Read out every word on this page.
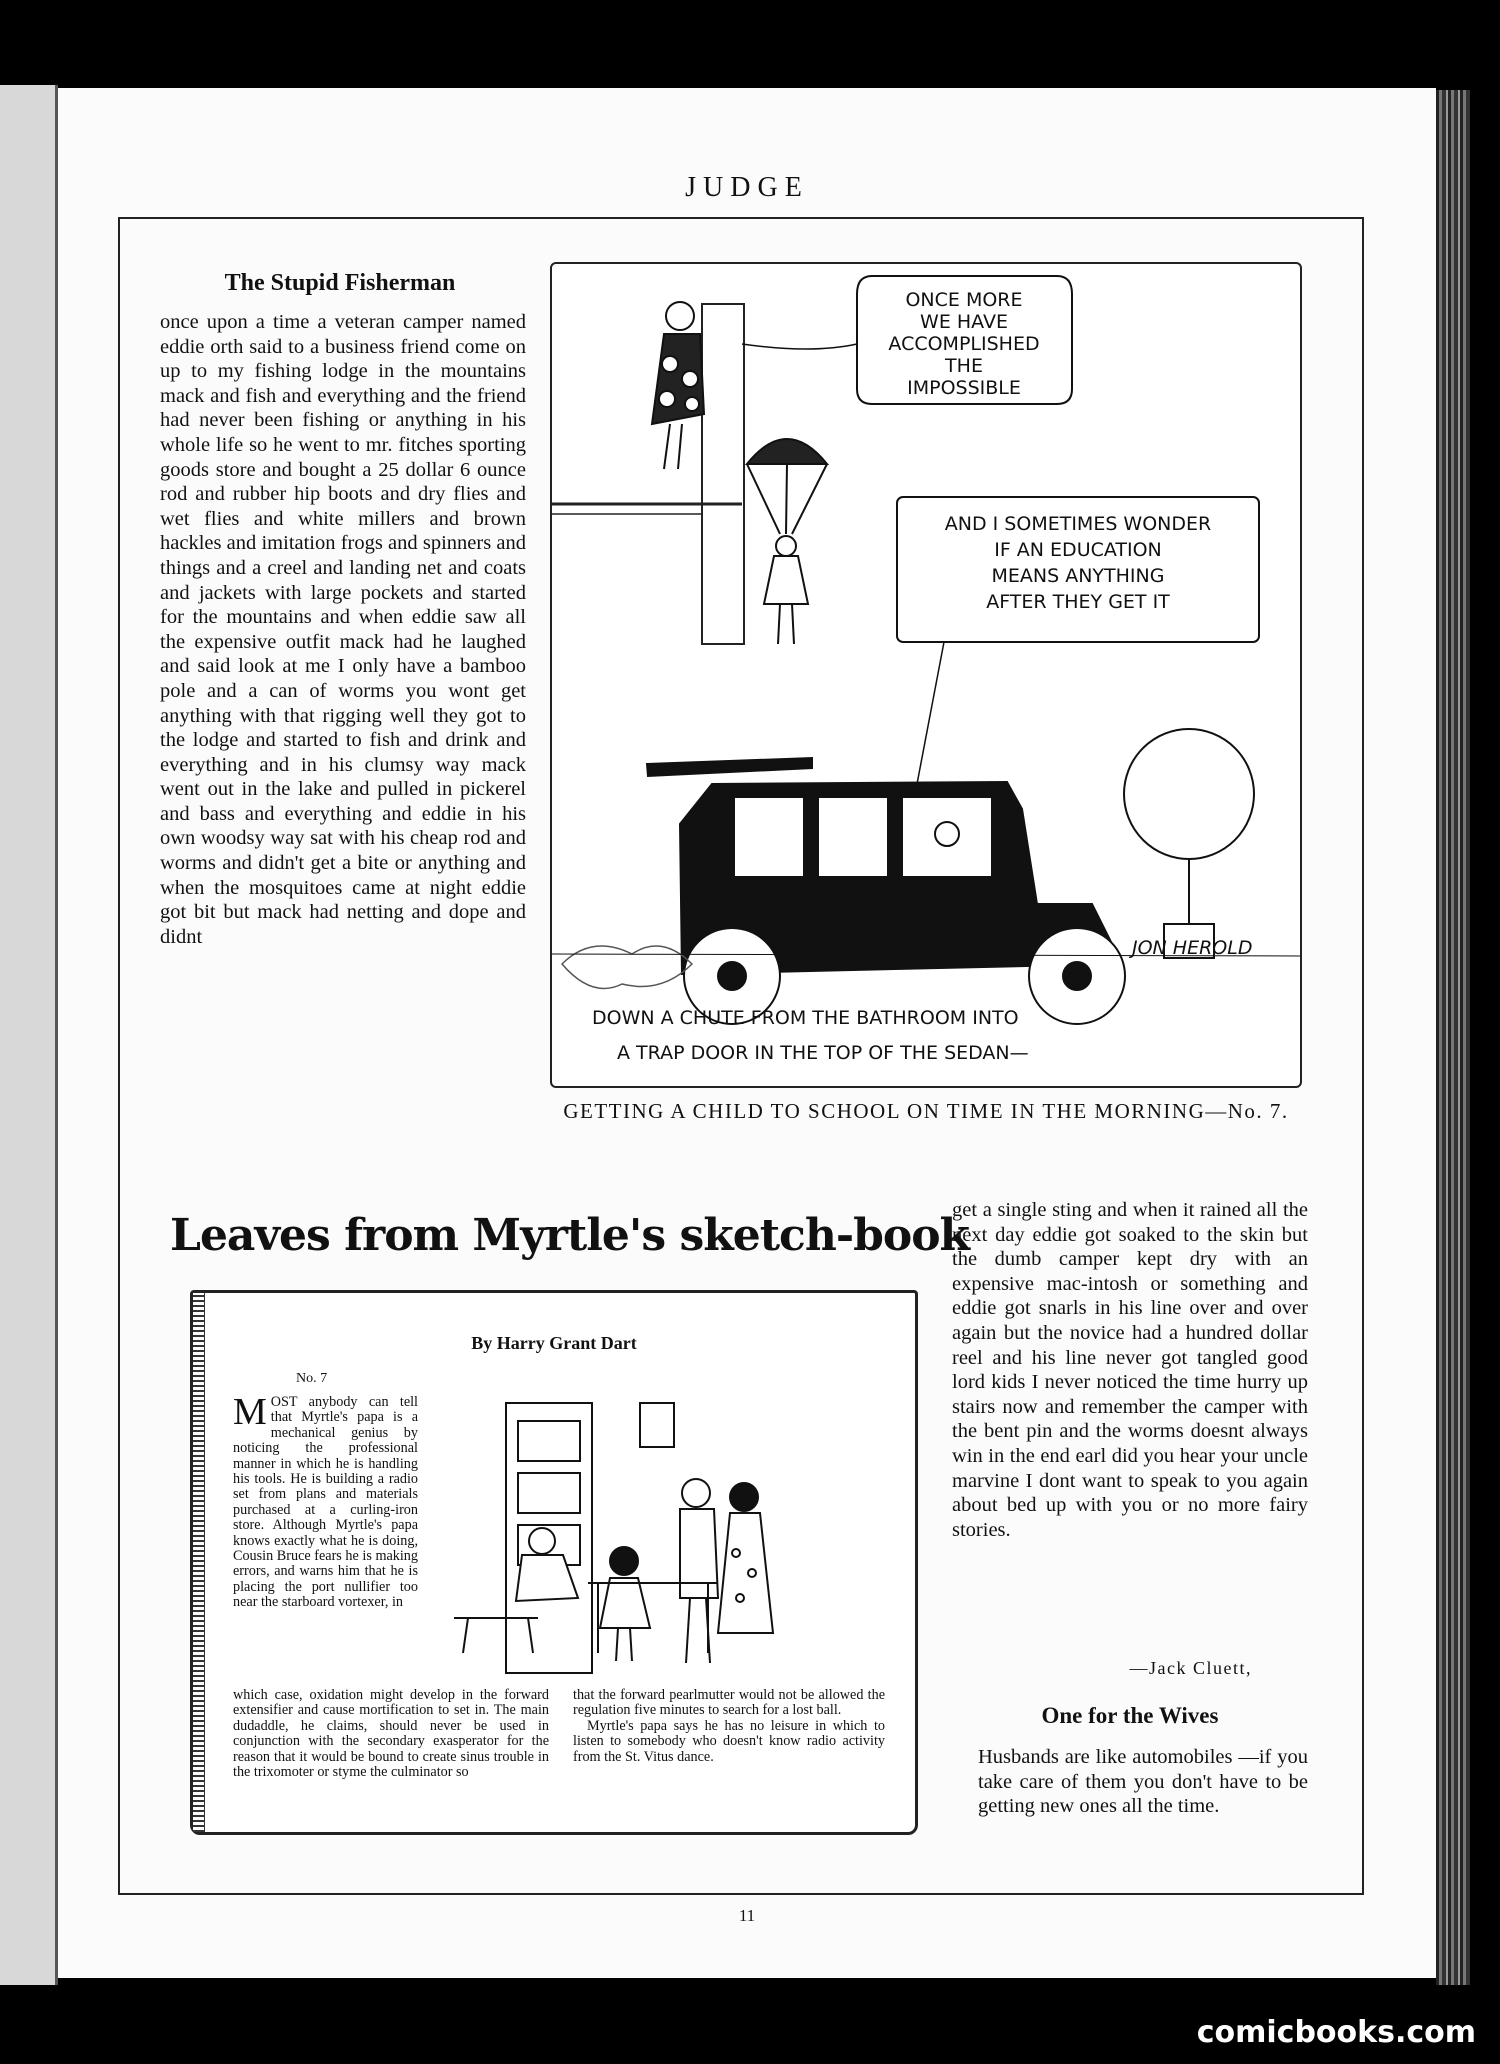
comicbooks.com
JUDGE
The Stupid Fisherman
once upon a time a veteran camper named eddie orth said to a business friend come on up to my fishing lodge in the mountains mack and fish and everything and the friend had never been fishing or anything in his whole life so he went to mr. fitches sporting goods store and bought a 25 dollar 6 ounce rod and rubber hip boots and dry flies and wet flies and white millers and brown hackles and imitation frogs and spinners and things and a creel and landing net and coats and jackets with large pockets and started for the mountains and when eddie saw all the expensive outfit mack had he laughed and said look at me I only have a bamboo pole and a can of worms you wont get anything with that rigging well they got to the lodge and started to fish and drink and everything and in his clumsy way mack went out in the lake and pulled in pickerel and bass and everything and eddie in his own woodsy way sat with his cheap rod and worms and didn't get a bite or anything and when the mosquitoes came at night eddie got bit but mack had netting and dope and didnt
ONCE MORE
WE HAVE
ACCOMPLISHED
THE
IMPOSSIBLE
AND I SOMETIMES WONDER
IF AN EDUCATION
MEANS ANYTHING
AFTER THEY GET IT
JON HEROLD
DOWN A CHUTE FROM THE BATHROOM INTO
A TRAP DOOR IN THE TOP OF THE SEDAN—
GETTING A CHILD TO SCHOOL ON TIME IN THE MORNING—No. 7.
Leaves from Myrtle's sketch-book
By Harry Grant Dart
No. 7
M OST anybody can tell that Myrtle's papa is a mechanical genius by noticing the professional manner in which he is handling his tools. He is building a radio set from plans and materials purchased at a curling-iron store. Although Myrtle's papa knows exactly what he is doing, Cousin Bruce fears he is making errors, and warns him that he is placing the port nullifier too near the starboard vortexer, in
which case, oxidation might develop in the forward extensifier and cause mortification to set in. The main dudaddle, he claims, should never be used in conjunction with the secondary exasperator for the reason that it would be bound to create sinus trouble in the trixomoter or styme the culminator so

that the forward pearlmutter would not be allowed the regulation five minutes to search for a lost ball.

Myrtle's papa says he has no leisure in which to listen to somebody who doesn't know radio activity from the St. Vitus dance.

get a single sting and when it rained all the next day eddie got soaked to the skin but the dumb camper kept dry with an expensive mac-intosh or something and eddie got snarls in his line over and over again but the novice had a hundred dollar reel and his line never got tangled good lord kids I never noticed the time hurry up stairs now and remember the camper with the bent pin and the worms doesnt always win in the end earl did you hear your uncle marvine I dont want to speak to you again about bed up with you or no more fairy stories.
—Jack Cluett,
One for the Wives

Husbands are like automobiles —if you take care of them you don't have to be getting new ones all the time.

11
